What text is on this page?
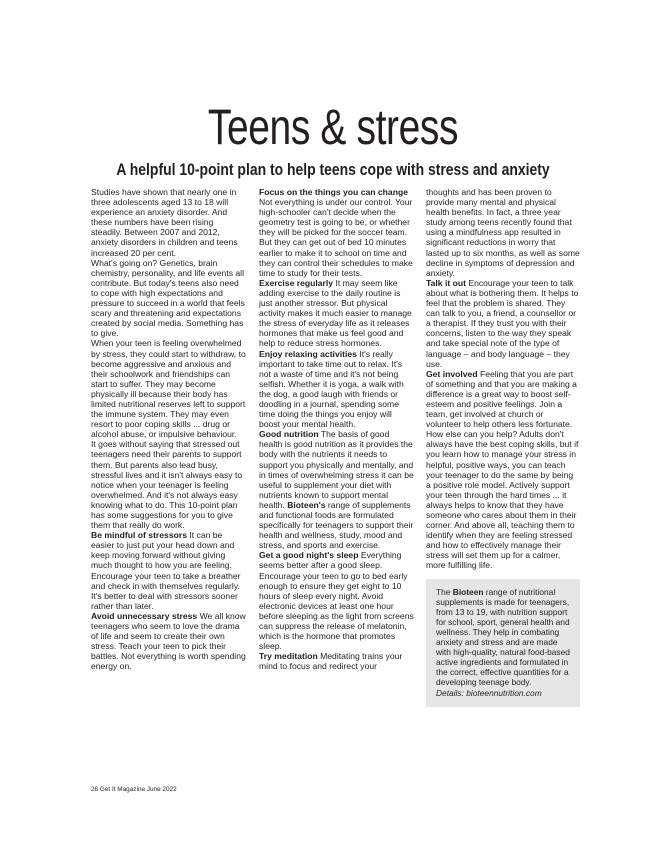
Teens & stress
A helpful 10-point plan to help teens cope with stress and anxiety

Studies have shown that nearly one in three adolescents aged 13 to 18 will experience an anxiety disorder. And these numbers have been rising steadily. Between 2007 and 2012, anxiety disorders in children and teens increased 20 per cent.

What's going on? Genetics, brain chemistry, personality, and life events all contribute. But today's teens also need to cope with high expectations and pressure to succeed in a world that feels scary and threatening and expectations created by social media. Something has to give.

When your teen is feeling overwhelmed by stress, they could start to withdraw, to become aggressive and anxious and their schoolwork and friendships can start to suffer. They may become physically ill because their body has limited nutritional reserves left to support the immune system. They may even resort to poor coping skills ... drug or alcohol abuse, or impulsive behaviour.

It goes without saying that stressed out teenagers need their parents to support them. But parents also lead busy, stressful lives and it isn't always easy to notice when your teenager is feeling overwhelmed. And it's not always easy knowing what to do. This 10-point plan has some suggestions for you to give them that really do work.

Be mindful of stressors It can be easier to just put your head down and keep moving forward without giving much thought to how you are feeling. Encourage your teen to take a breather and check in with themselves regularly. It's better to deal with stressors sooner rather than later.

Avoid unnecessary stress We all know teenagers who seem to love the drama of life and seem to create their own stress. Teach your teen to pick their battles. Not everything is worth spending energy on.

Focus on the things you can change Not everything is under our control. Your high-schooler can't decide when the geometry test is going to be, or whether they will be picked for the soccer team. But they can get out of bed 10 minutes earlier to make it to school on time and they can control their schedules to make time to study for their tests.

Exercise regularly It may seem like adding exercise to the daily routine is just another stressor. But physical activity makes it much easier to manage the stress of everyday life as it releases hormones that make us feel good and help to reduce stress hormones.

Enjoy relaxing activities It's really important to take time out to relax. It's not a waste of time and it's not being selfish. Whether it is yoga, a walk with the dog, a good laugh with friends or doodling in a journal, spending some time doing the things you enjoy will boost your mental health.

Good nutrition The basis of good health is good nutrition as it provides the body with the nutrients it needs to support you physically and mentally, and in times of overwhelming stress it can be useful to supplement your diet with nutrients known to support mental health. Bioteen's range of supplements and functional foods are formulated specifically for teenagers to support their health and wellness, study, mood and stress, and sports and exercise.

Get a good night's sleep Everything seems better after a good sleep. Encourage your teen to go to bed early enough to ensure they get eight to 10 hours of sleep every night. Avoid electronic devices at least one hour before sleeping as the light from screens can suppress the release of melatonin, which is the hormone that promotes sleep.

Try meditation Meditating trains your mind to focus and redirect your

thoughts and has been proven to provide many mental and physical health benefits. In fact, a three year study among teens recently found that using a mindfulness app resulted in significant reductions in worry that lasted up to six months, as well as some decline in symptoms of depression and anxiety.

Talk it out Encourage your teen to talk about what is bothering them. It helps to feel that the problem is shared. They can talk to you, a friend, a counsellor or a therapist. If they trust you with their concerns, listen to the way they speak and take special note of the type of language – and body language – they use.

Get involved Feeling that you are part of something and that you are making a difference is a great way to boost self-esteem and positive feelings. Join a team, get involved at church or volunteer to help others less fortunate.

How else can you help? Adults don't always have the best coping skills, but if you learn how to manage your stress in helpful, positive ways, you can teach your teenager to do the same by being a positive role model. Actively support your teen through the hard times ... it always helps to know that they have someone who cares about them in their corner. And above all, teaching them to identify when they are feeling stressed and how to effectively manage their stress will set them up for a calmer, more fulfilling life.

The Bioteen range of nutritional supplements is made for teenagers, from 13 to 19, with nutrition support for school, sport, general health and wellness. They help in combating anxiety and stress and are made with high-quality, natural food-based active ingredients and formulated in the correct, effective quantities for a developing teenage body.
Details: bioteennutrition.com
26 Get It Magazine June 2022
